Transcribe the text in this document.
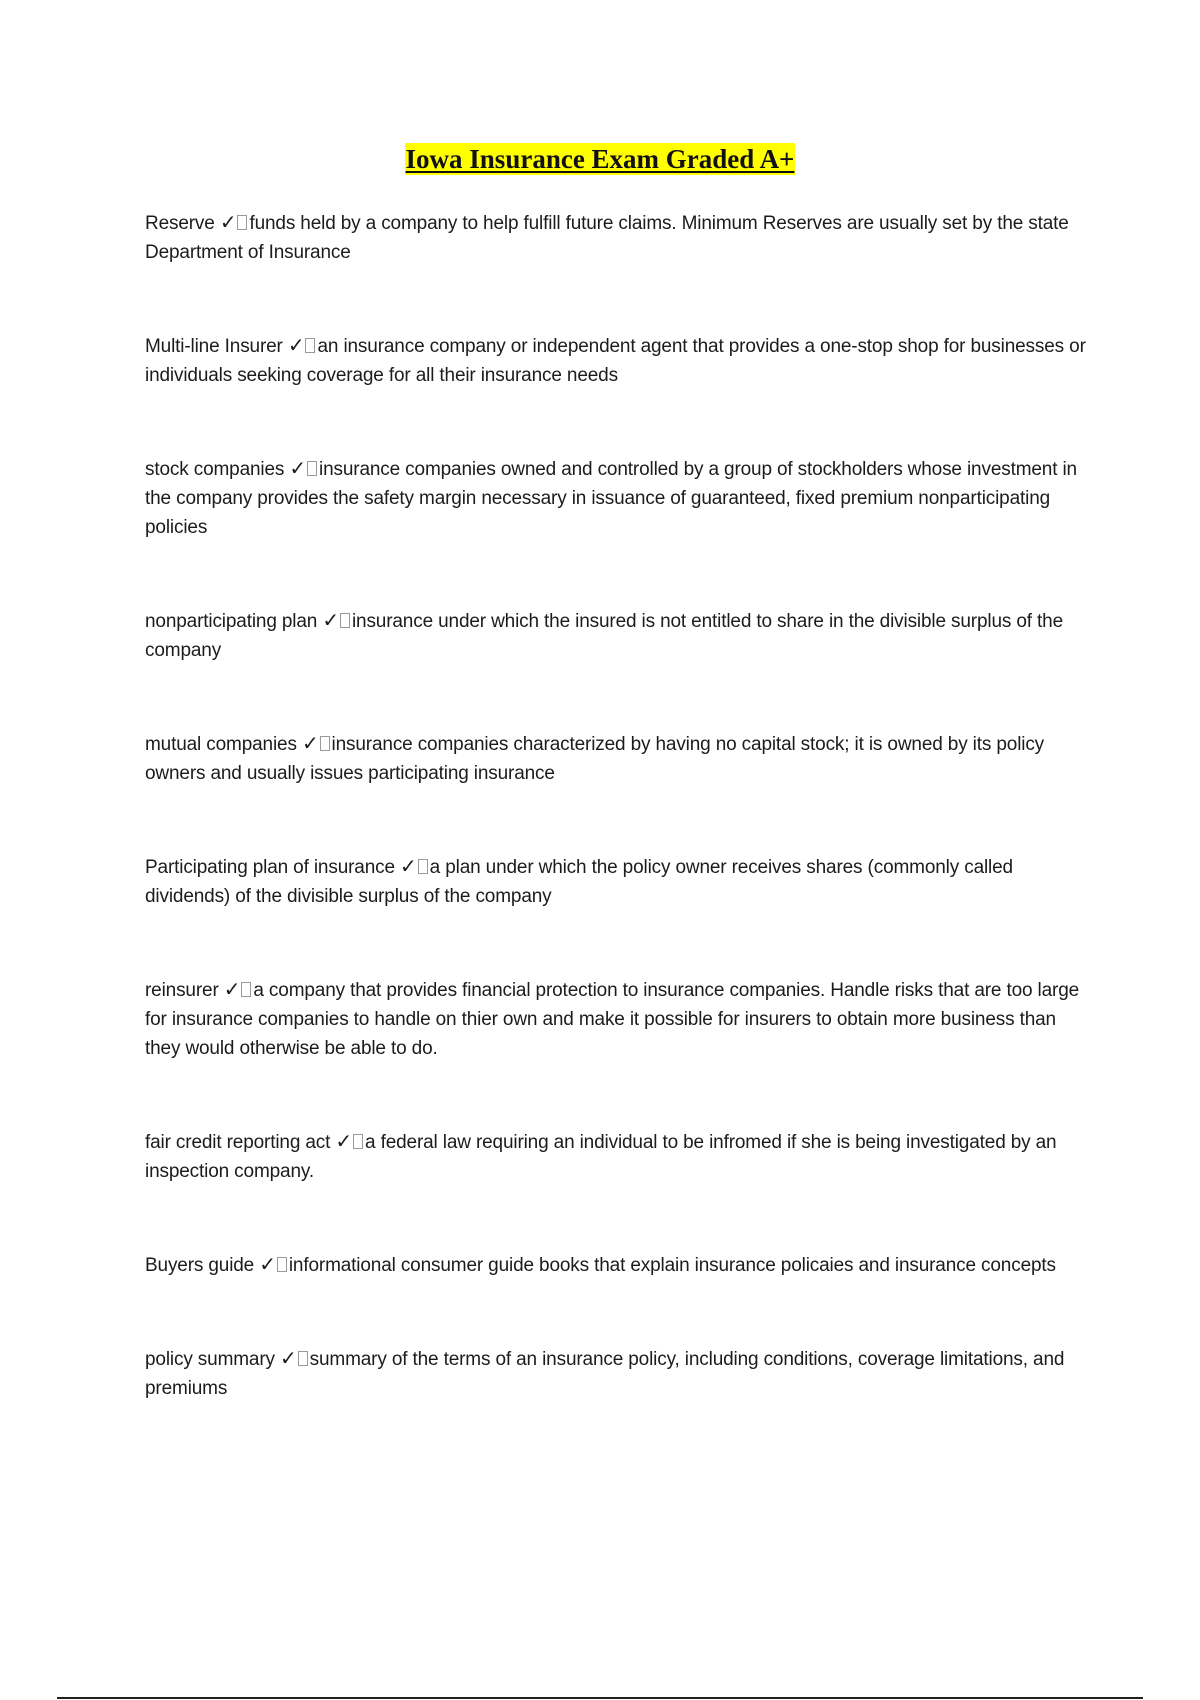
Iowa Insurance Exam Graded A+

Reserve ✓ funds held by a company to help fulfill future claims. Minimum Reserves are usually set by the state Department of Insurance

Multi-line Insurer ✓ an insurance company or independent agent that provides a one-stop shop for businesses or individuals seeking coverage for all their insurance needs

stock companies ✓ insurance companies owned and controlled by a group of stockholders whose investment in the company provides the safety margin necessary in issuance of guaranteed, fixed premium nonparticipating policies

nonparticipating plan ✓ insurance under which the insured is not entitled to share in the divisible surplus of the company

mutual companies ✓ insurance companies characterized by having no capital stock; it is owned by its policy owners and usually issues participating insurance

Participating plan of insurance ✓ a plan under which the policy owner receives shares (commonly called dividends) of the divisible surplus of the company

reinsurer ✓ a company that provides financial protection to insurance companies. Handle risks that are too large for insurance companies to handle on thier own and make it possible for insurers to obtain more business than they would otherwise be able to do.

fair credit reporting act ✓ a federal law requiring an individual to be infromed if she is being investigated by an inspection company.

Buyers guide ✓ informational consumer guide books that explain insurance policaies and insurance concepts

policy summary ✓ summary of the terms of an insurance policy, including conditions, coverage limitations, and premiums
